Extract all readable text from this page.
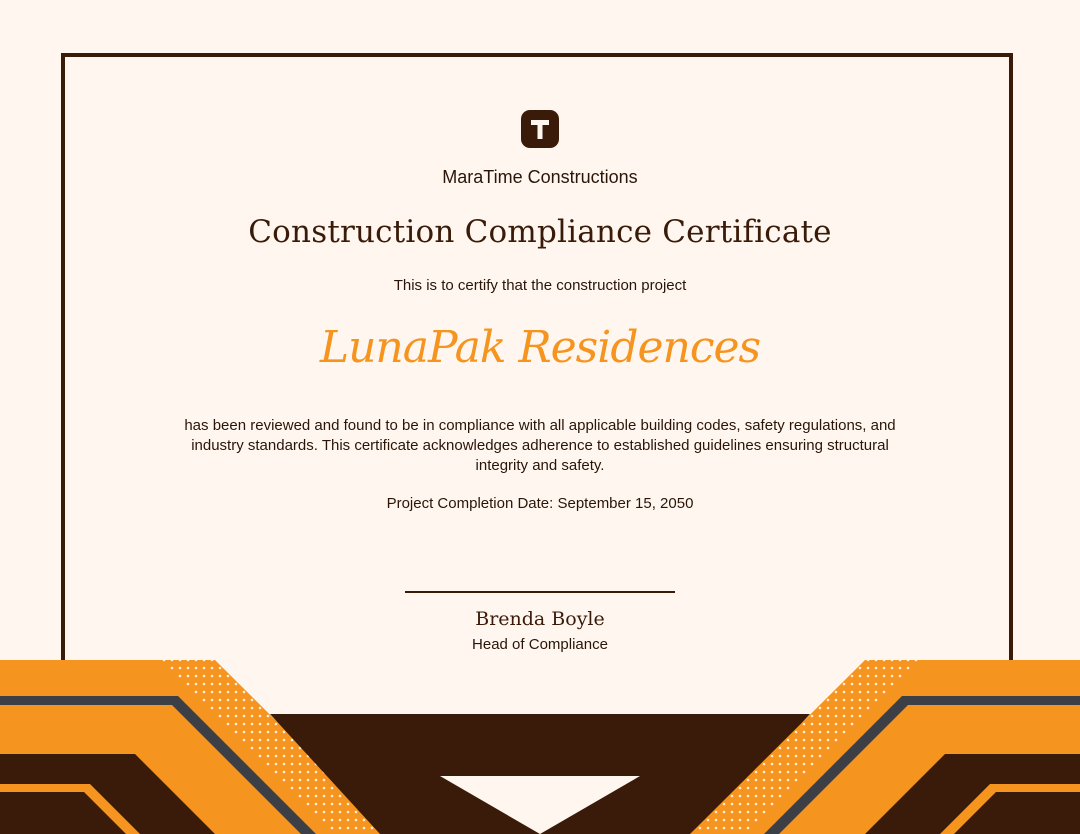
MaraTime Constructions
Construction Compliance Certificate
This is to certify that the construction project
LunaPak Residences
has been reviewed and found to be in compliance with all applicable building codes, safety regulations, and industry standards. This certificate acknowledges adherence to established guidelines ensuring structural integrity and safety.
Project Completion Date: September 15, 2050
Brenda Boyle
Head of Compliance
